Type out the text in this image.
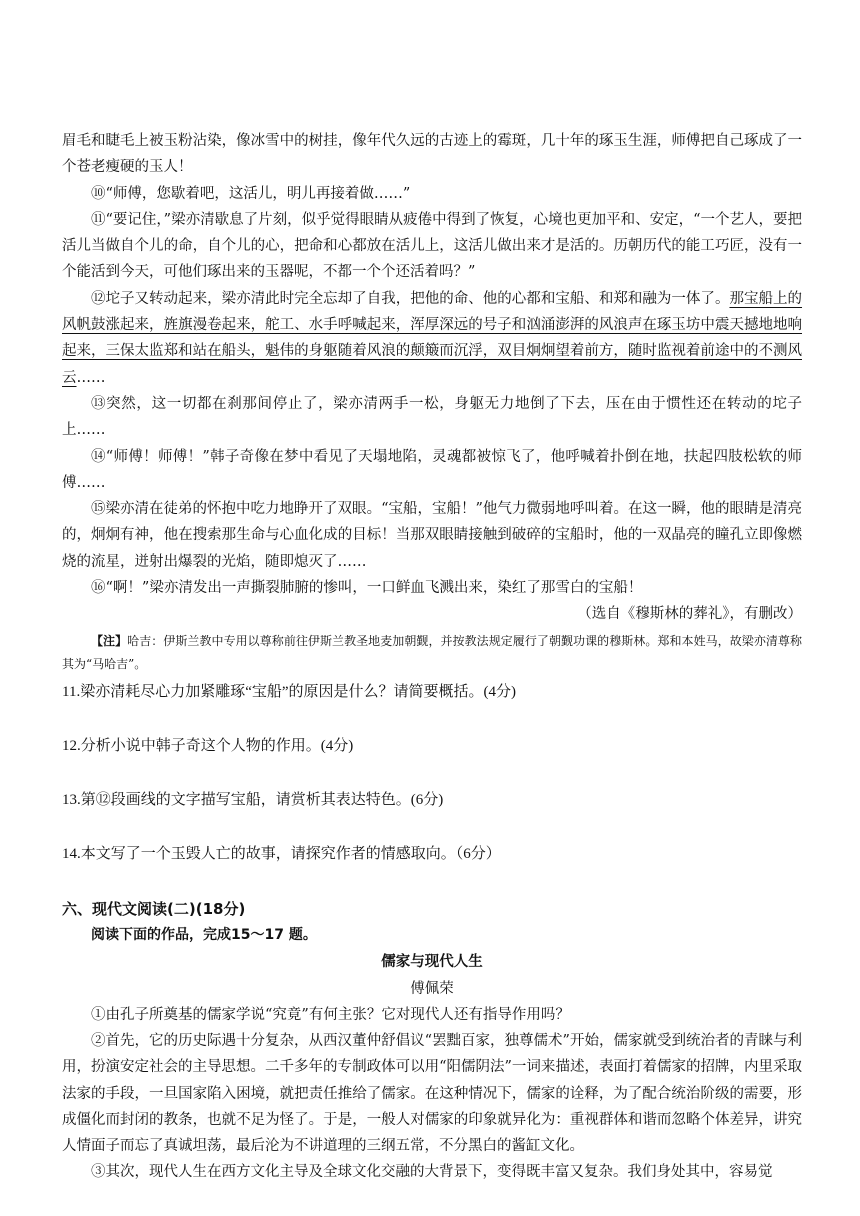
眉毛和睫毛上被玉粉沾染，像冰雪中的树挂，像年代久远的古迹上的霉斑，几十年的琢玉生涯，师傅把自己琢成了一个苍老瘦硬的玉人！

⑩“师傅，您歇着吧，这活儿，明儿再接着做……”

⑪“要记住，”梁亦清歇息了片刻，似乎觉得眼睛从疲倦中得到了恢复，心境也更加平和、安定，“一个艺人，要把活儿当做自个儿的命，自个儿的心，把命和心都放在活儿上，这活儿做出来才是活的。历朝历代的能工巧匠，没有一个能活到今天，可他们琢出来的玉器呢，不都一个个还活着吗？”

⑫坨子又转动起来，梁亦清此时完全忘却了自我，把他的命、他的心都和宝船、和郑和融为一体了。那宝船上的风帆鼓涨起来，旌旗漫卷起来，舵工、水手呼喊起来，浑厚深远的号子和汹涌澎湃的风浪声在琢玉坊中震天撼地地响起来，三保太监郑和站在船头，魁伟的身躯随着风浪的颠簸而沉浮，双目炯炯望着前方，随时监视着前途中的不测风云……

⑬突然，这一切都在刹那间停止了，梁亦清两手一松，身躯无力地倒了下去，压在由于惯性还在转动的坨子上……

⑭“师傅！师傅！”韩子奇像在梦中看见了天塌地陷，灵魂都被惊飞了，他呼喊着扑倒在地，扶起四肢松软的师傅……

⑮梁亦清在徒弟的怀抱中吃力地睁开了双眼。“宝船，宝船！”他气力微弱地呼叫着。在这一瞬，他的眼睛是清亮的，炯炯有神，他在搜索那生命与心血化成的目标！当那双眼睛接触到破碎的宝船时，他的一双晶亮的瞳孔立即像燃烧的流星，迸射出爆裂的光焰，随即熄灭了……

⑯“啊！”梁亦清发出一声撕裂肺腑的惨叫，一口鲜血飞溅出来，染红了那雪白的宝船！

（选自《穆斯林的葬礼》，有删改）

【注】哈吉：伊斯兰教中专用以尊称前往伊斯兰教圣地麦加朝觐，并按教法规定履行了朝觐功课的穆斯林。郑和本姓马，故梁亦清尊称其为“马哈吉”。

11.梁亦清耗尽心力加紧雕琢“宝船”的原因是什么？请简要概括。(4分)

12.分析小说中韩子奇这个人物的作用。(4分)

13.第⑫段画线的文字描写宝船，请赏析其表达特色。(6分)

14.本文写了一个玉毁人亡的故事，请探究作者的情感取向。（6分）

六、现代文阅读(二)(18分)

阅读下面的作品，完成15～17 题。

儒家与现代人生

傅佩荣

①由孔子所奠基的儒家学说“究竟”有何主张？它对现代人还有指导作用吗？

②首先，它的历史际遇十分复杂，从西汉董仲舒倡议“罢黜百家，独尊儒术”开始，儒家就受到统治者的青睐与利用，扮演安定社会的主导思想。二千多年的专制政体可以用“阳儒阴法”一词来描述，表面打着儒家的招牌，内里采取法家的手段，一旦国家陷入困境，就把责任推给了儒家。在这种情况下，儒家的诠释，为了配合统治阶级的需要，形成僵化而封闭的教条，也就不足为怪了。于是，一般人对儒家的印象就异化为：重视群体和谐而忽略个体差异，讲究人情面子而忘了真诚坦荡，最后沦为不讲道理的三纲五常，不分黑白的酱缸文化。

③其次，现代人生在西方文化主导及全球文化交融的大背景下，变得既丰富又复杂。我们身处其中，容易觉
